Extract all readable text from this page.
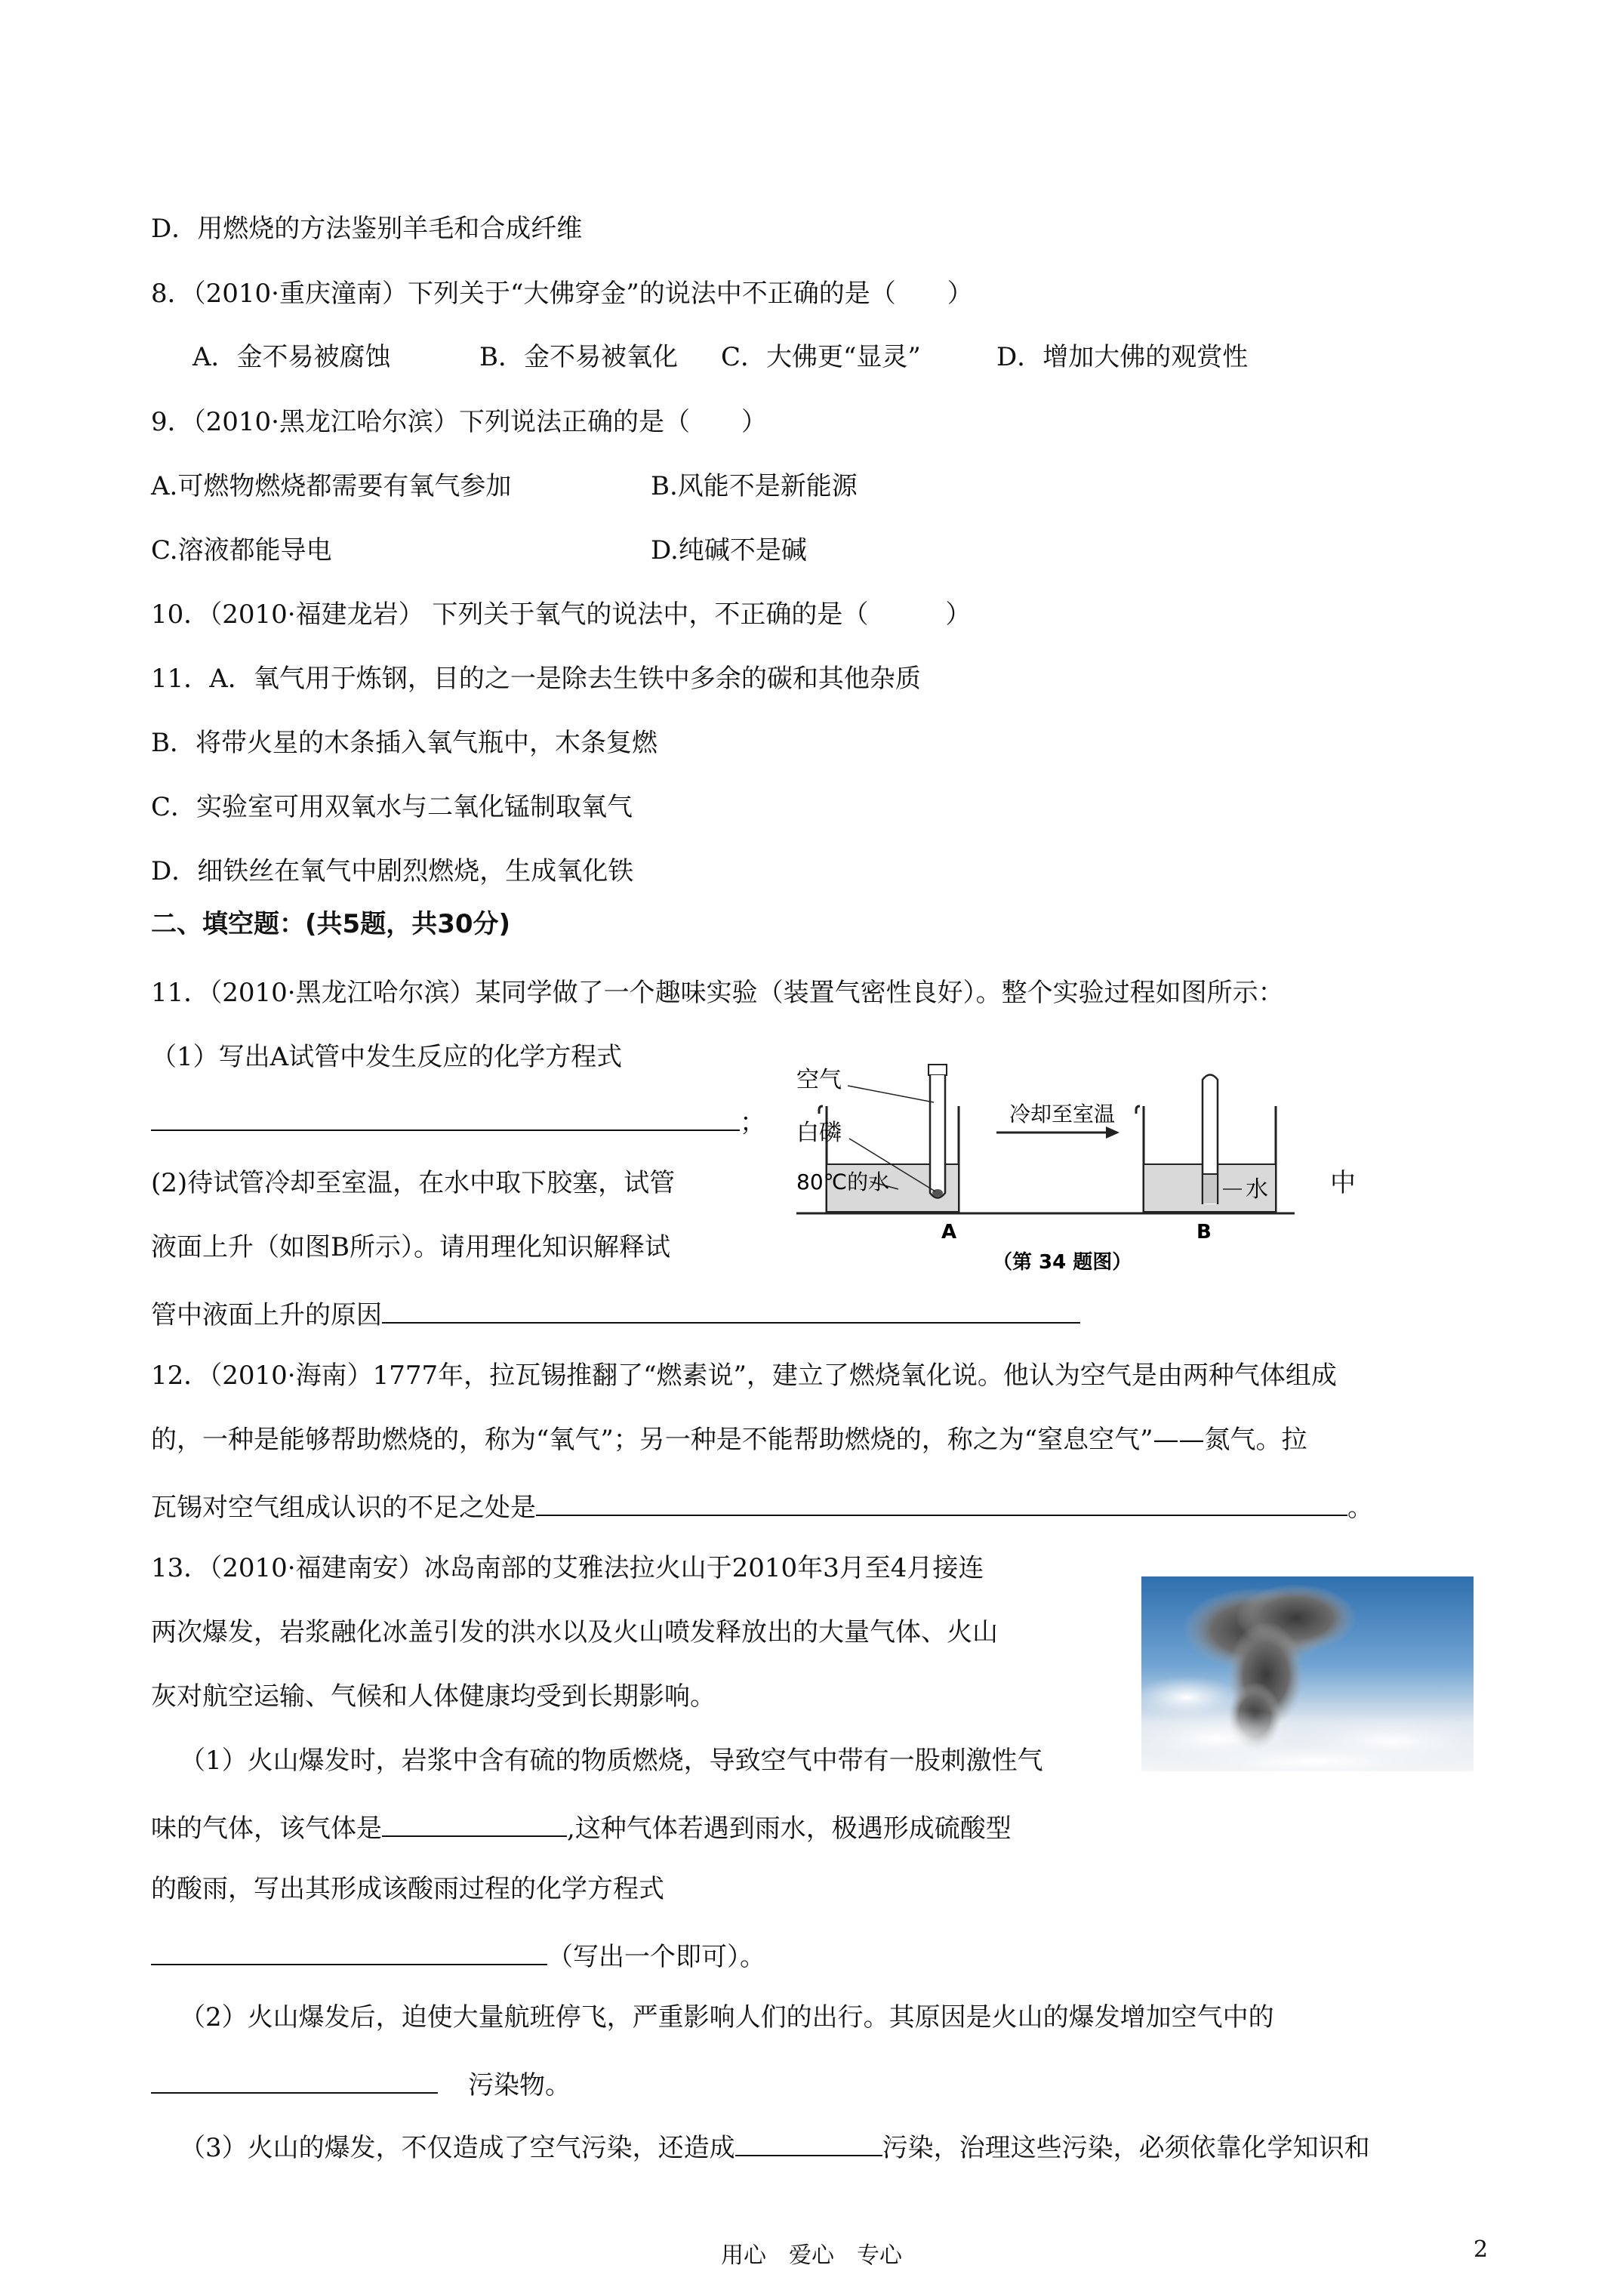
D．用燃烧的方法鉴别羊毛和合成纤维
8．（2010·重庆潼南）下列关于“大佛穿金”的说法中不正确的是（　　）
A．金不易被腐蚀	B．金不易被氧化 C．大佛更“显灵”	D．增加大佛的观赏性
9．（2010·黑龙江哈尔滨）下列说法正确的是（　　）
A.可燃物燃烧都需要有氧气参加	B.风能不是新能源
C.溶液都能导电	D.纯碱不是碱
10．（2010·福建龙岩） 下列关于氧气的说法中，不正确的是（　　　）
11．A．氧气用于炼钢，目的之一是除去生铁中多余的碳和其他杂质
B．将带火星的木条插入氧气瓶中，木条复燃
C．实验室可用双氧水与二氧化锰制取氧气
D．细铁丝在氧气中剧烈燃烧，生成氧化铁
二、填空题：(共5题，共30分)
11．（2010·黑龙江哈尔滨）某同学做了一个趣味实验（装置气密性良好）。整个实验过程如图所示：
（1）写出A试管中发生反应的化学方程式
；
(2)待试管冷却至室温，在水中取下胶塞，试管	中
液面上升（如图B所示）。请用理化知识解释试
管中液面上升的原因
空气
白磷
80℃的水
冷却至室温
水
A	B
（第 34 题图）
12．（2010·海南）1777年，拉瓦锡推翻了“燃素说”，建立了燃烧氧化说。他认为空气是由两种气体组成
的，一种是能够帮助燃烧的，称为“氧气”；另一种是不能帮助燃烧的，称之为“窒息空气”——氮气。拉
瓦锡对空气组成认识的不足之处是	。
13．（2010·福建南安）冰岛南部的艾雅法拉火山于2010年3月至4月接连
两次爆发，岩浆融化冰盖引发的洪水以及火山喷发释放出的大量气体、火山
灰对航空运输、气候和人体健康均受到长期影响。
（1）火山爆发时，岩浆中含有硫的物质燃烧，导致空气中带有一股刺激性气
味的气体，该气体是	,这种气体若遇到雨水，极遇形成硫酸型
的酸雨，写出其形成该酸雨过程的化学方程式
（写出一个即可）。
（2）火山爆发后，迫使大量航班停飞，严重影响人们的出行。其原因是火山的爆发增加空气中的
污染物。
（3）火山的爆发，不仅造成了空气污染，还造成	污染，治理这些污染，必须依靠化学知识和
用心　爱心　专心	2
